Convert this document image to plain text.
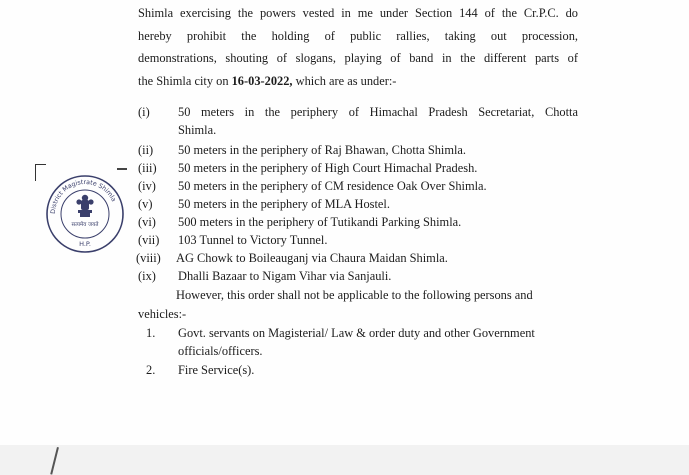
Shimla exercising the powers vested in me under Section 144 of the Cr.P.C. do
hereby prohibit the holding of public rallies, taking out procession,
demonstrations, shouting of slogans, playing of band in the different parts of
the Shimla city on 16-03-2022, which are as under:-

(i) 50 meters in the periphery of Himachal Pradesh Secretariat, Chotta
Shimla.
(ii) 50 meters in the periphery of Raj Bhawan, Chotta Shimla.
(iii) 50 meters in the periphery of High Court Himachal Pradesh.
(iv) 50 meters in the periphery of CM residence Oak Over Shimla.
(v) 50 meters in the periphery of MLA Hostel.
(vi) 500 meters in the periphery of Tutikandi Parking Shimla.
(vii) 103 Tunnel to Victory Tunnel.
(viii) AG Chowk to Boileauganj via Chaura Maidan Shimla.
(ix) Dhalli Bazaar to Nigam Vihar via Sanjauli.
However, this order shall not be applicable to the following persons and
vehicles:-
1. Govt. servants on Magisterial/ Law & order duty and other Government
officials/officers.
2. Fire Service(s).
District Magistrate Shimla
सत्यमेव जयते
H.P.
